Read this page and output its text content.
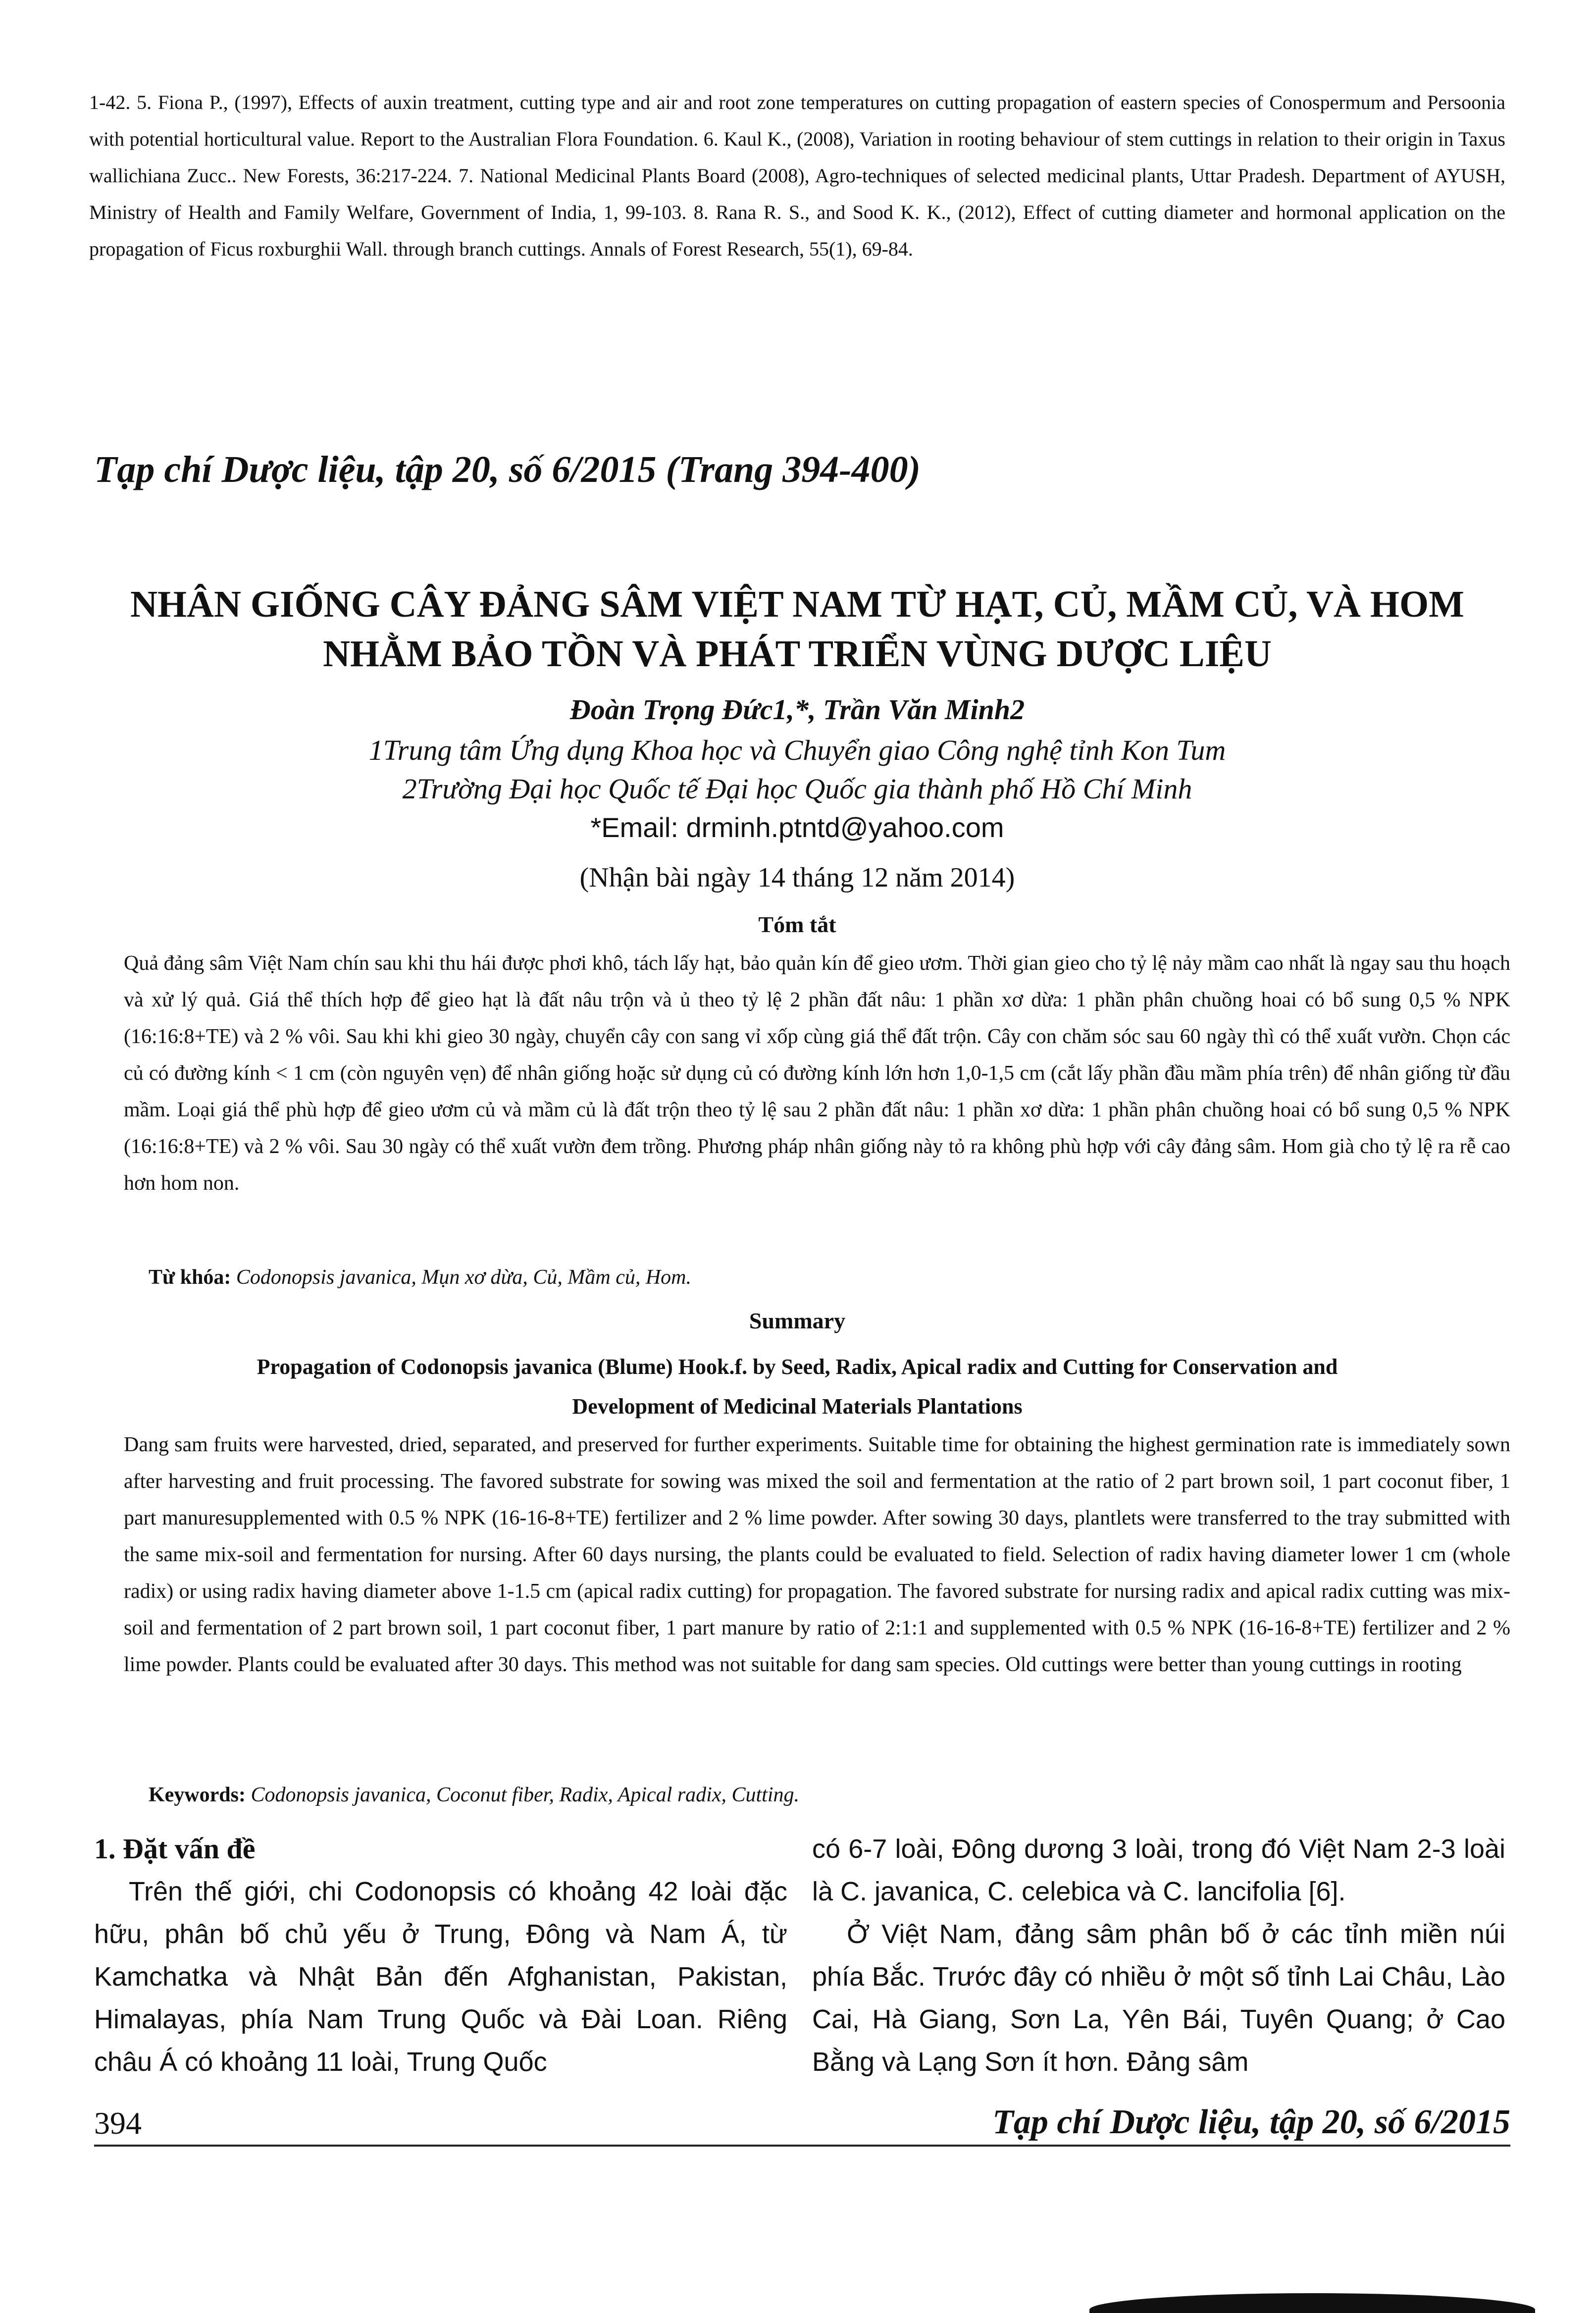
1-42. 5. Fiona P., (1997), Effects of auxin treatment, cutting type and air and root zone temperatures on cutting propagation of eastern species of Conospermum and Persoonia with potential horticultural value. Report to the Australian Flora Foundation. 6. Kaul K., (2008), Variation in rooting behaviour of stem cuttings in relation to their origin in Taxus wallichiana Zucc.. New Forests, 36:217-224. 7. National Medicinal Plants Board (2008), Agro-techniques of selected medicinal plants, Uttar Pradesh. Department of AYUSH, Ministry of Health and Family Welfare, Government of India, 1, 99-103. 8. Rana R. S., and Sood K. K., (2012), Effect of cutting diameter and hormonal application on the propagation of Ficus roxburghii Wall. through branch cuttings. Annals of Forest Research, 55(1), 69-84.

Tạp chí Dược liệu, tập 20, số 6/2015 (Trang 394-400)
NHÂN GIỐNG CÂY ĐẢNG SÂM VIỆT NAM TỪ HẠT, CỦ, MẦM CỦ, VÀ HOM
NHẰM BẢO TỒN VÀ PHÁT TRIỂN VÙNG DƯỢC LIỆU
Đoàn Trọng Đức1,*, Trần Văn Minh2
1Trung tâm Ứng dụng Khoa học và Chuyển giao Công nghệ tỉnh Kon Tum
2Trường Đại học Quốc tế Đại học Quốc gia thành phố Hồ Chí Minh
*Email: drminh.ptntd@yahoo.com
(Nhận bài ngày 14 tháng 12 năm 2014)
Tóm tắt
Quả đảng sâm Việt Nam chín sau khi thu hái được phơi khô, tách lấy hạt, bảo quản kín để gieo ươm. Thời gian gieo cho tỷ lệ nảy mầm cao nhất là ngay sau thu hoạch và xử lý quả. Giá thể thích hợp để gieo hạt là đất nâu trộn và ủ theo tỷ lệ 2 phần đất nâu: 1 phần xơ dừa: 1 phần phân chuồng hoai có bổ sung 0,5 % NPK (16:16:8+TE) và 2 % vôi. Sau khi khi gieo 30 ngày, chuyển cây con sang vỉ xốp cùng giá thể đất trộn. Cây con chăm sóc sau 60 ngày thì có thể xuất vườn. Chọn các củ có đường kính < 1 cm (còn nguyên vẹn) để nhân giống hoặc sử dụng củ có đường kính lớn hơn 1,0-1,5 cm (cắt lấy phần đầu mầm phía trên) để nhân giống từ đầu mầm. Loại giá thể phù hợp để gieo ươm củ và mầm củ là đất trộn theo tỷ lệ sau 2 phần đất nâu: 1 phần xơ dừa: 1 phần phân chuồng hoai có bổ sung 0,5 % NPK (16:16:8+TE) và 2 % vôi. Sau 30 ngày có thể xuất vườn đem trồng. Phương pháp nhân giống này tỏ ra không phù hợp với cây đảng sâm. Hom già cho tỷ lệ ra rễ cao hơn hom non.
Từ khóa: Codonopsis javanica, Mụn xơ dừa, Củ, Mầm củ, Hom.
Summary
Propagation of Codonopsis javanica (Blume) Hook.f. by Seed, Radix, Apical radix and Cutting for Conservation and
Development of Medicinal Materials Plantations
Dang sam fruits were harvested, dried, separated, and preserved for further experiments. Suitable time for obtaining the highest germination rate is immediately sown after harvesting and fruit processing. The favored substrate for sowing was mixed the soil and fermentation at the ratio of 2 part brown soil, 1 part coconut fiber, 1 part manuresupplemented with 0.5 % NPK (16-16-8+TE) fertilizer and 2 % lime powder. After sowing 30 days, plantlets were transferred to the tray submitted with the same mix-soil and fermentation for nursing. After 60 days nursing, the plants could be evaluated to field. Selection of radix having diameter lower 1 cm (whole radix) or using radix having diameter above 1-1.5 cm (apical radix cutting) for propagation. The favored substrate for nursing radix and apical radix cutting was mix-soil and fermentation of 2 part brown soil, 1 part coconut fiber, 1 part manure by ratio of 2:1:1 and supplemented with 0.5 % NPK (16-16-8+TE) fertilizer and 2 % lime powder. Plants could be evaluated after 30 days. This method was not suitable for dang sam species. Old cuttings were better than young cuttings in rooting
Keywords: Codonopsis javanica, Coconut fiber, Radix, Apical radix, Cutting.

1. Đặt vấn đề

Trên thế giới, chi Codonopsis có khoảng 42 loài đặc hữu, phân bố chủ yếu ở Trung, Đông và Nam Á, từ Kamchatka và Nhật Bản đến Afghanistan, Pakistan, Himalayas, phía Nam Trung Quốc và Đài Loan. Riêng châu Á có khoảng 11 loài, Trung Quốc

có 6-7 loài, Đông dương 3 loài, trong đó Việt Nam 2-3 loài là C. javanica, C. celebica và C. lancifolia [6].

Ở Việt Nam, đảng sâm phân bố ở các tỉnh miền núi phía Bắc. Trước đây có nhiều ở một số tỉnh Lai Châu, Lào Cai, Hà Giang, Sơn La, Yên Bái, Tuyên Quang; ở Cao Bằng và Lạng Sơn ít hơn. Đảng sâm

394	Tạp chí Dược liệu, tập 20, số 6/2015
